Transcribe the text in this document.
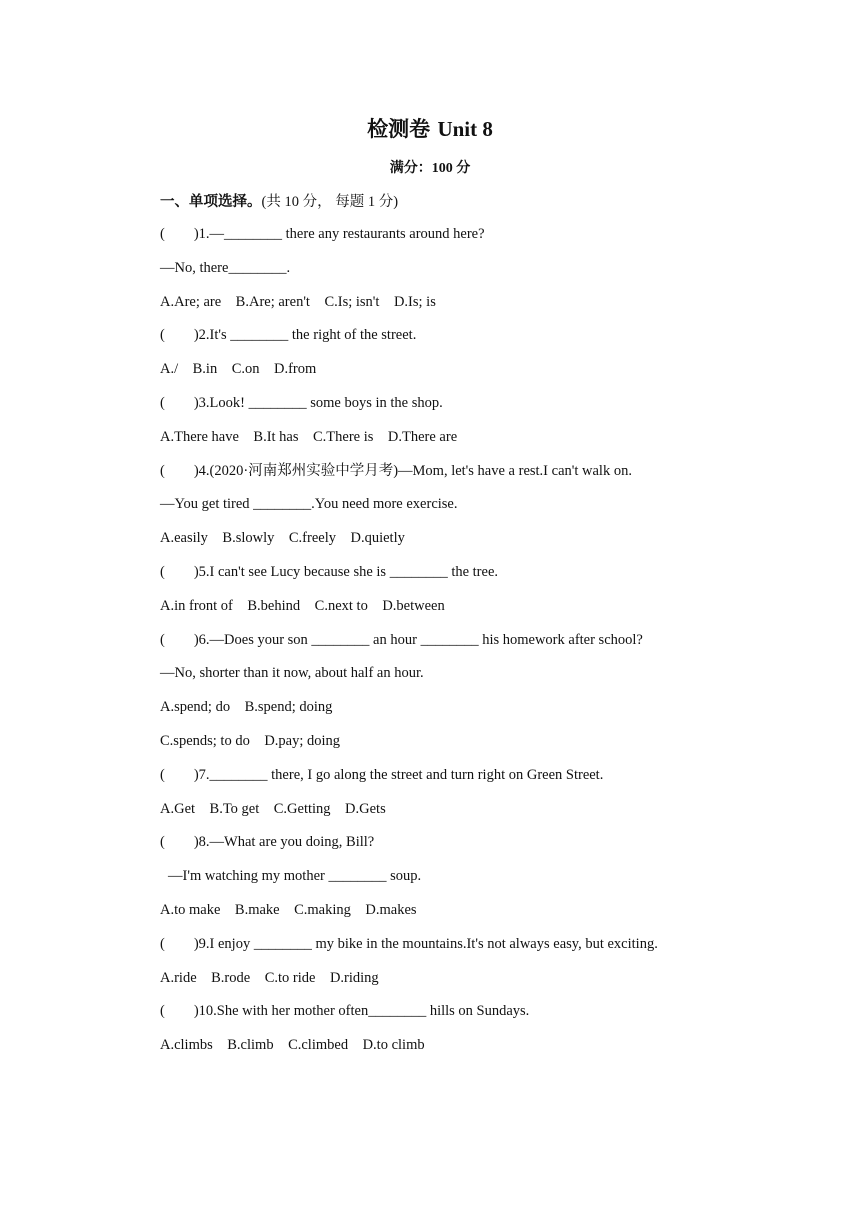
检测卷 Unit 8
满分：100 分
一、单项选择。(共 10 分， 每题 1 分)
(        )1.—________ there any restaurants around here?
—No, there________.
A.Are; are    B.Are; aren't    C.Is; isn't    D.Is; is
(        )2.It's ________ the right of the street.
A./    B.in    C.on    D.from
(        )3.Look! ________ some boys in the shop.
A.There have    B.It has    C.There is    D.There are
(        )4.(2020·河南郑州实验中学月考)—Mom, let's have a rest.I can't walk on.
—You get tired ________.You need more exercise.
A.easily    B.slowly    C.freely    D.quietly
(        )5.I can't see Lucy because she is ________ the tree.
A.in front of    B.behind    C.next to    D.between
(        )6.—Does your son ________ an hour ________ his homework after school?
—No, shorter than it now, about half an hour.
A.spend; do    B.spend; doing
C.spends; to do    D.pay; doing
(        )7.________ there, I go along the street and turn right on Green Street.
A.Get    B.To get    C.Getting    D.Gets
(        )8.—What are you doing, Bill?
—I'm watching my mother ________ soup.
A.to make    B.make    C.making    D.makes
(        )9.I enjoy ________ my bike in the mountains.It's not always easy, but exciting.
A.ride    B.rode    C.to ride    D.riding
(        )10.She with her mother often________ hills on Sundays.
A.climbs    B.climb    C.climbed    D.to climb
